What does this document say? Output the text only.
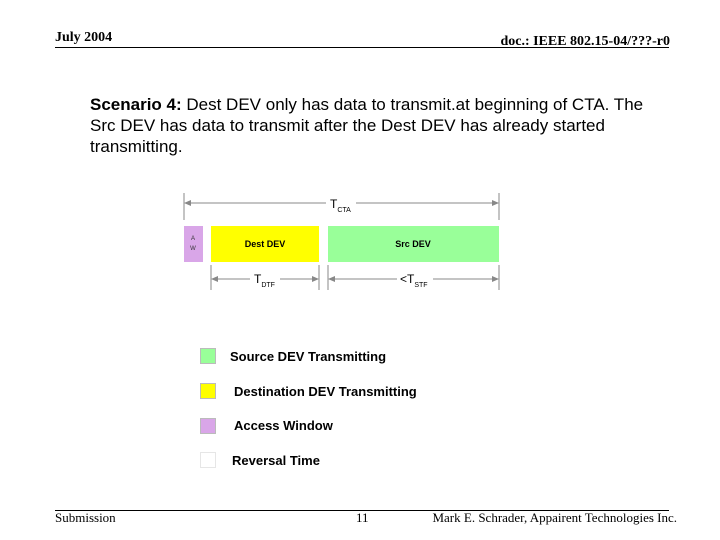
July 2004	doc.: IEEE 802.15-04/???-r0
Scenario 4: Dest DEV only has data to transmit.at beginning of CTA. The Src DEV has data to transmit after the Dest DEV has already started transmitting.
$T_{CTA}$
A
W	Dest DEV	Src DEV
$T_{DTF}$	$<T_{STF}$
Source DEV Transmitting
Destination DEV Transmitting
Access Window
Reversal Time
Submission	11	Mark E. Schrader, Appairent Technologies Inc.
